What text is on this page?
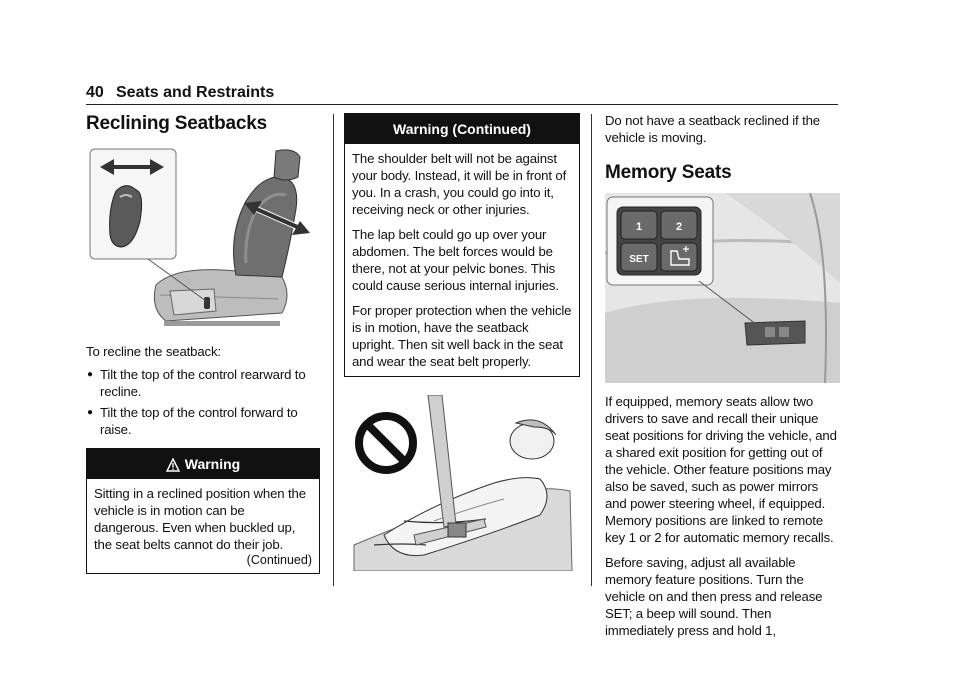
40 Seats and Restraints
Reclining Seatbacks

To recline the seatback:

● Tilt the top of the control rearward to recline.
● Tilt the top of the control forward to raise.
Warning

Sitting in a reclined position when the vehicle is in motion can be dangerous. Even when buckled up, the seat belts cannot do their job.

(Continued)
Warning (Continued)

The shoulder belt will not be against your body. Instead, it will be in front of you. In a crash, you could go into it, receiving neck or other injuries.

The lap belt could go up over your abdomen. The belt forces would be there, not at your pelvic bones. This could cause serious internal injuries.

For proper protection when the vehicle is in motion, have the seatback upright. Then sit well back in the seat and wear the seat belt properly.

Do not have a seatback reclined if the vehicle is moving.

Memory Seats
1	2
SET

If equipped, memory seats allow two drivers to save and recall their unique seat positions for driving the vehicle, and a shared exit position for getting out of the vehicle. Other feature positions may also be saved, such as power mirrors and power steering wheel, if equipped. Memory positions are linked to remote key 1 or 2 for automatic memory recalls.

Before saving, adjust all available memory feature positions. Turn the vehicle on and then press and release SET; a beep will sound. Then immediately press and hold 1,
